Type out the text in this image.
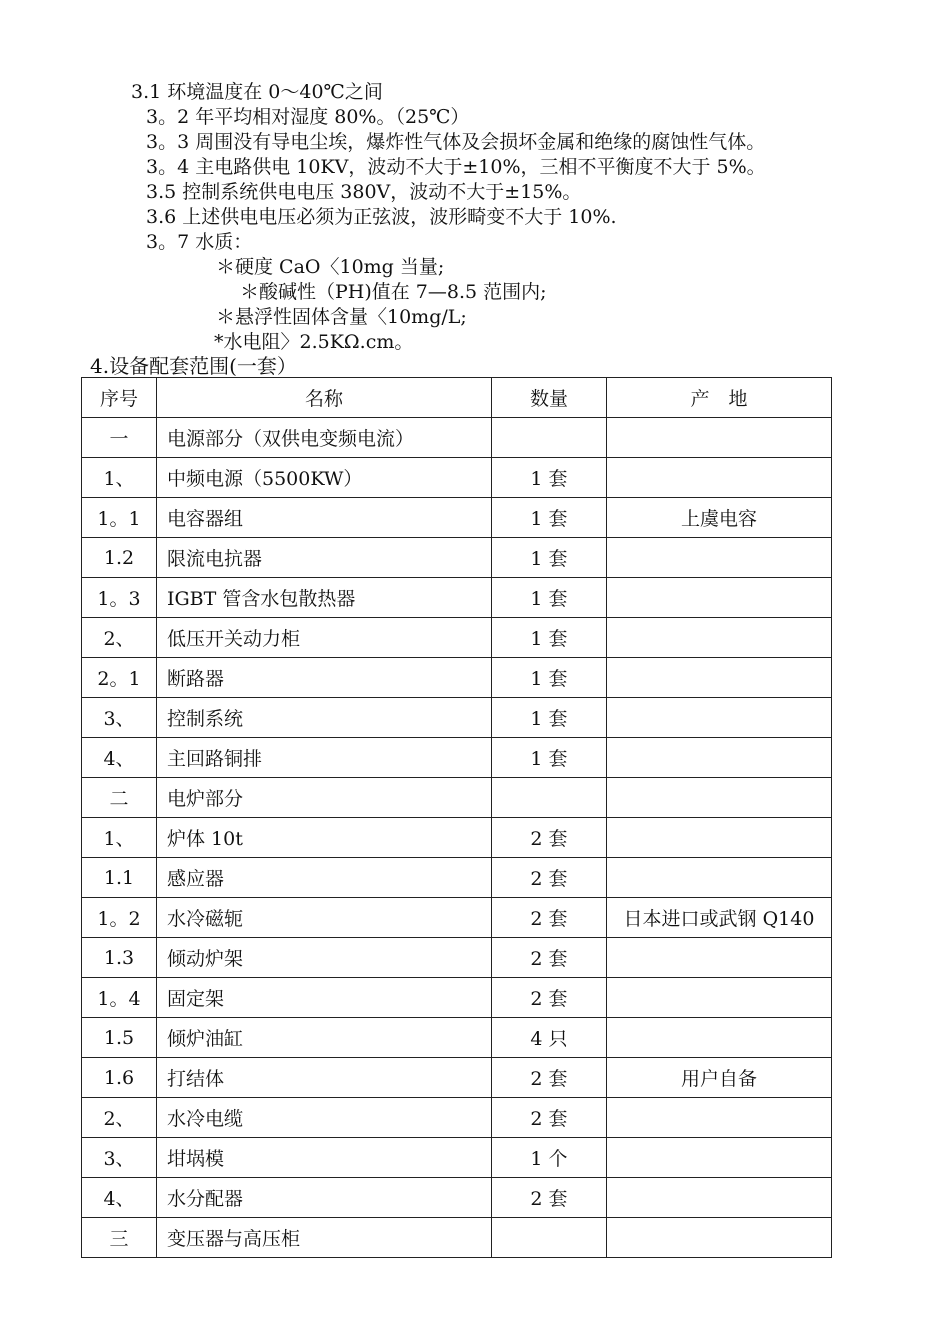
3.1 环境温度在 0～40℃之间
3。2 年平均相对湿度 80%。（25℃）
3。3 周围没有导电尘埃，爆炸性气体及会损坏金属和绝缘的腐蚀性气体。
3。4 主电路供电 10KV，波动不大于±10%，三相不平衡度不大于 5%。
3.5 控制系统供电电压 380V，波动不大于±15%。
3.6 上述供电电压必须为正弦波，波形畸变不大于 10%.
3。7 水质：
＊硬度 CaO〈10mg 当量;
＊酸碱性（PH)值在 7—8.5 范围内;
＊悬浮性固体含量〈10mg/L;
*水电阻〉2.5KΩ.cm。
4.设备配套范围(一套）
序号	名称	数量	产　地
一	电源部分（双供电变频电流）		
1、	中频电源（5500KW）	1 套	
1。1	电容器组	1 套	上虞电容
1.2	限流电抗器	1 套	
1。3	IGBT 管含水包散热器	1 套	
2、	低压开关动力柜	1 套	
2。1	断路器	1 套	
3、	控制系统	1 套	
4、	主回路铜排	1 套	
二	电炉部分		
1、	炉体 10t	2 套	
1.1	感应器	2 套	
1。2	水冷磁轭	2 套	日本进口或武钢 Q140
1.3	倾动炉架	2 套	
1。4	固定架	2 套	
1.5	倾炉油缸	4 只	
1.6	打结体	2 套	用户自备
2、	水冷电缆	2 套	
3、	坩埚模	1 个	
4、	水分配器	2 套	
三	变压器与高压柜		
